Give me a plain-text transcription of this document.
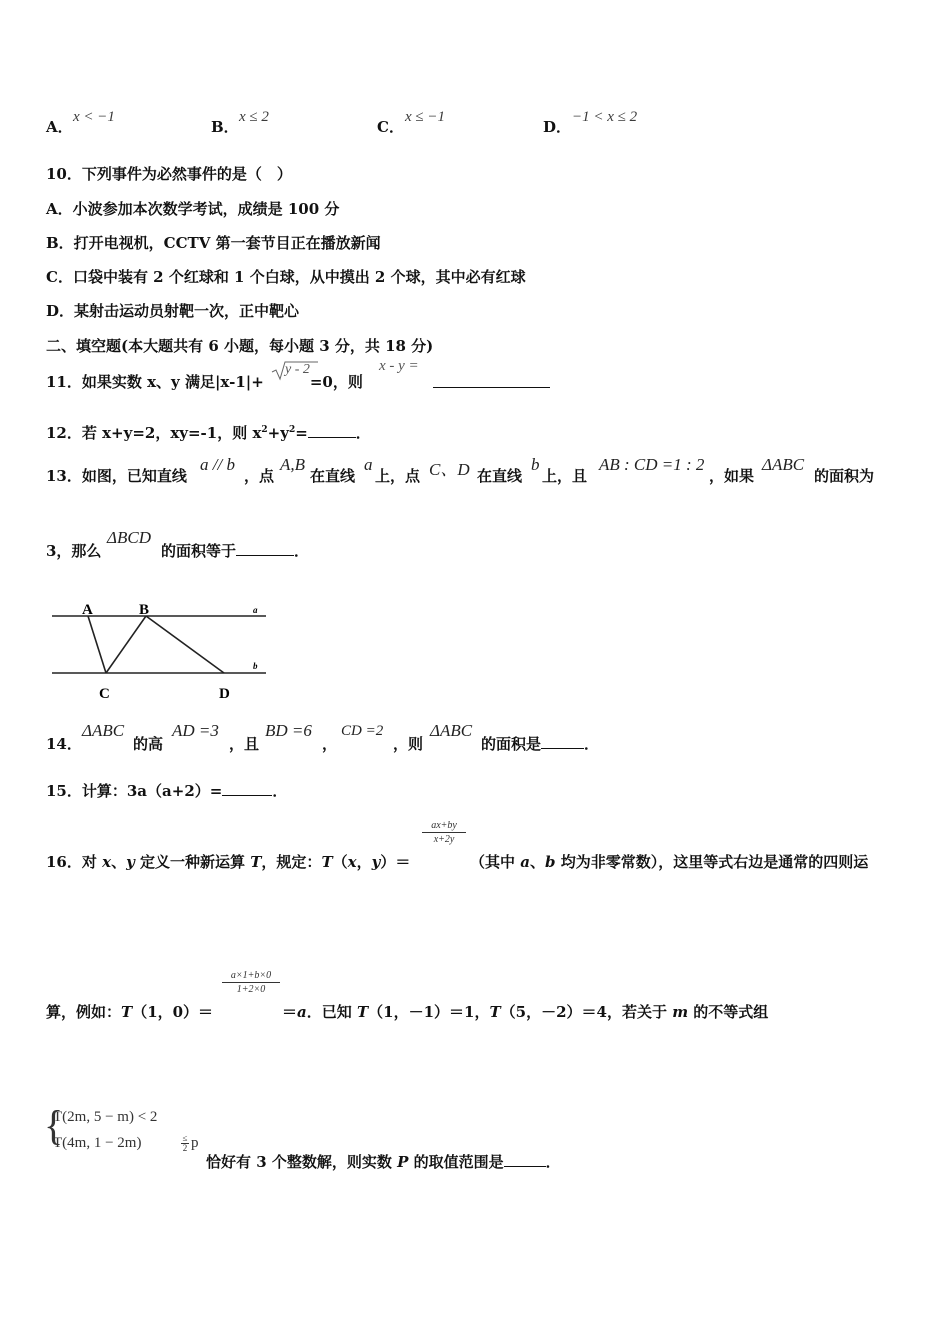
A．
x < −1
B．
x ≤ 2
C．
x ≤ −1
D．
−1 < x ≤ 2
10．下列事件为必然事件的是（　）
A．小波参加本次数学考试，成绩是 100 分
B．打开电视机，CCTV 第一套节目正在播放新闻
C．口袋中装有 2 个红球和 1 个白球，从中摸出 2 个球，其中必有红球
D．某射击运动员射靶一次，正中靶心
二、填空题(本大题共有 6 小题，每小题 3 分，共 18 分)
11．如果实数 x、y 满足|x-1|+	=0，则
y - 2	x - y =
12．若 x+y=2，xy=-1，则 $x^2+y^2=$	．
13．如图，已知直线
a // b
，点
A,B
在直线
a
上，点 C、D 在直线
b
上，且
AB : CD =1 : 2
，如果
ΔABC
的面积为
3，那么
ΔBCD
的面积等于	．
A	B
C	D
a
b
14．
ΔABC
的高
AD =3
，且
BD =6
，
CD =2
，则
ΔABC
的面积是	．
15．计算：3a（a+2）=	．
16．对 x、y 定义一种新运算 T，规定：T（x，y）＝
$\frac{ax+by}{x+2y}$
（其中 a、b 均为非零常数），这里等式右边是通常的四则运
算，例如：T（1，0）＝
$\frac{a\times 1+b\times 0}{1+2\times 0}$
＝a．已知 T（1，－1）＝1，T（5，－2）＝4，若关于 m 的不等式组
{
T(2m, 5 − m) < 2
T(4m, 1 − 2m)	≤
2 p
恰好有 3 个整数解，则实数 P 的取值范围是	．
